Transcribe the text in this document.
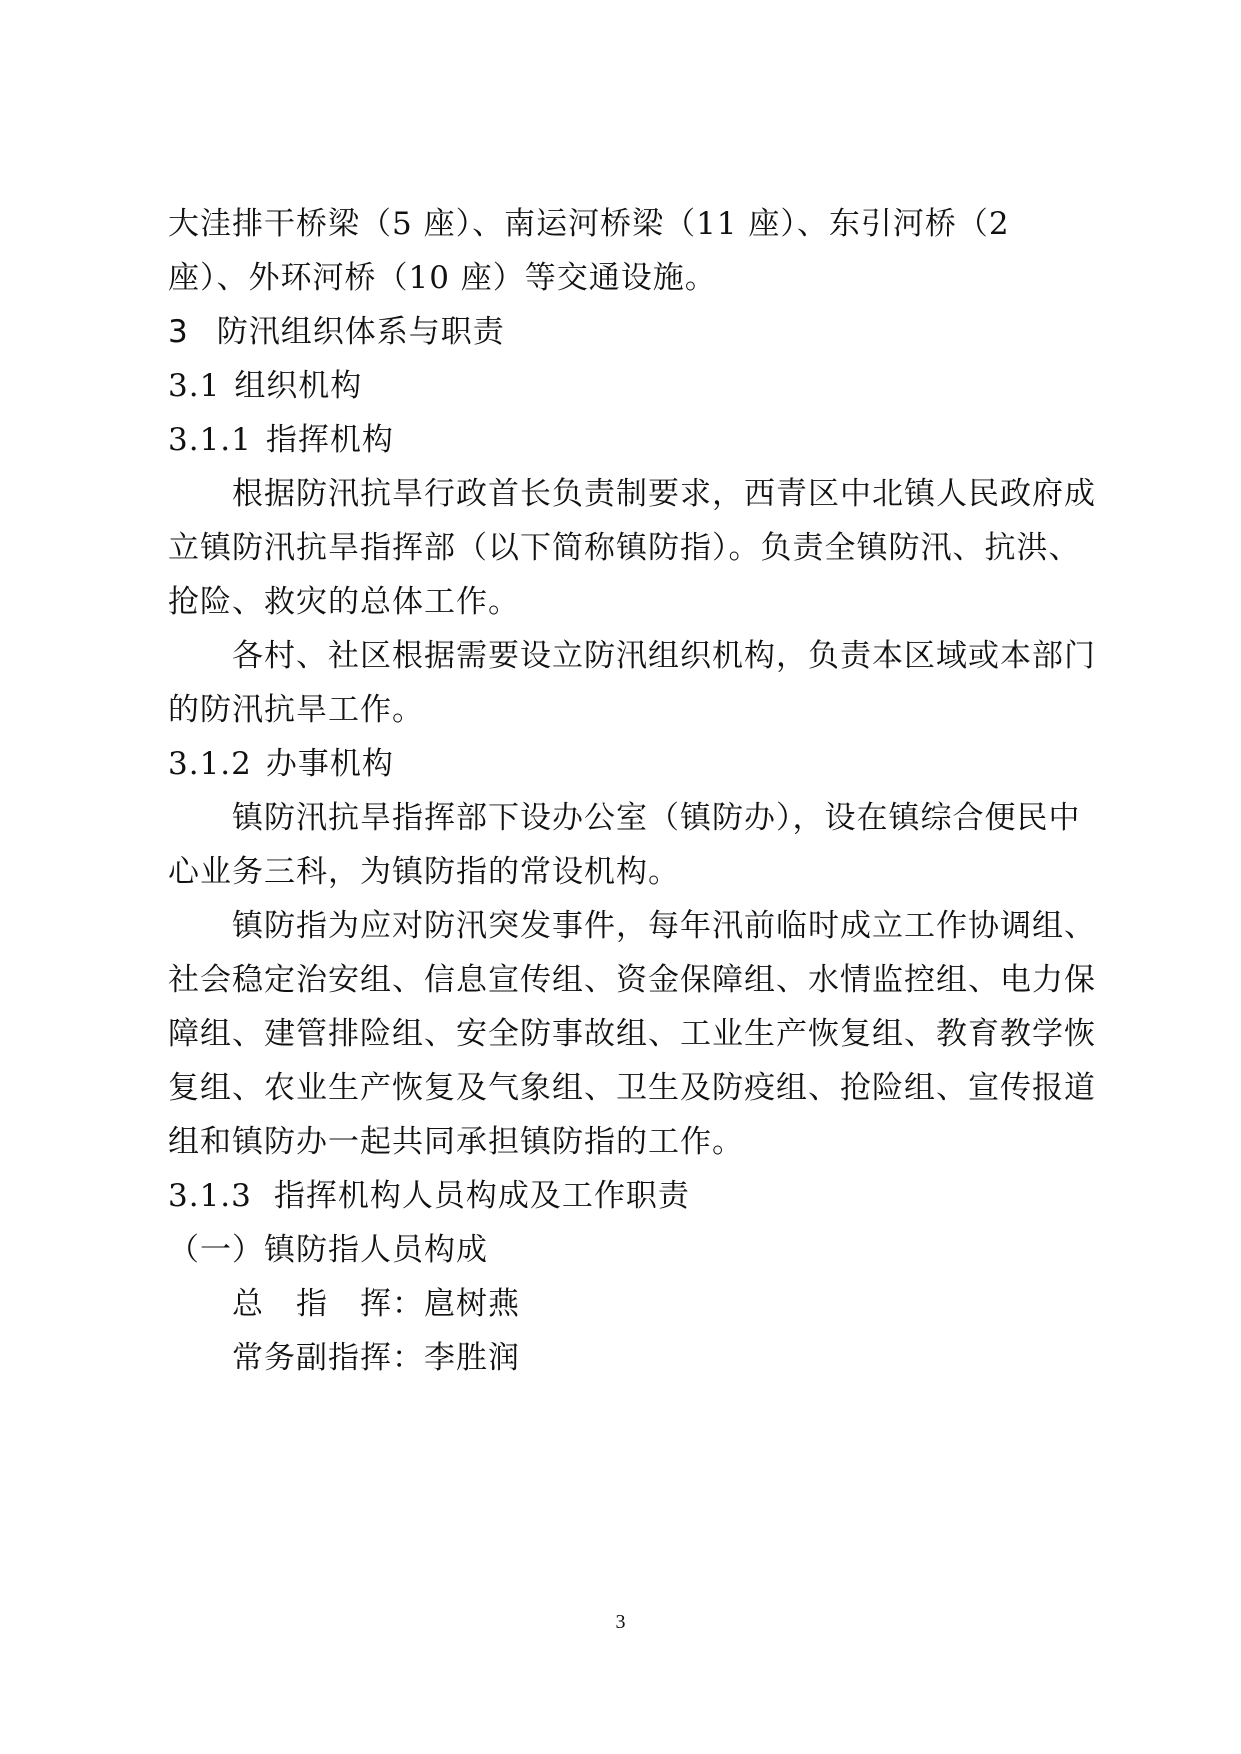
大洼排干桥梁（5 座）、南运河桥梁（11 座）、东引河桥（2
座）、外环河桥（10 座）等交通设施。
3 防汛组织体系与职责
3.1 组织机构
3.1.1 指挥机构
根据防汛抗旱行政首长负责制要求，西青区中北镇人民政府成
立镇防汛抗旱指挥部（以下简称镇防指）。负责全镇防汛、抗洪、
抢险、救灾的总体工作。
各村、社区根据需要设立防汛组织机构，负责本区域或本部门
的防汛抗旱工作。
3.1.2 办事机构
镇防汛抗旱指挥部下设办公室（镇防办），设在镇综合便民中
心业务三科，为镇防指的常设机构。
镇防指为应对防汛突发事件，每年汛前临时成立工作协调组、
社会稳定治安组、信息宣传组、资金保障组、水情监控组、电力保
障组、建管排险组、安全防事故组、工业生产恢复组、教育教学恢
复组、农业生产恢复及气象组、卫生及防疫组、抢险组、宣传报道
组和镇防办一起共同承担镇防指的工作。
3.1.3 指挥机构人员构成及工作职责
（一）镇防指人员构成
总　指　挥：扈树燕
常务副指挥：李胜润
3
